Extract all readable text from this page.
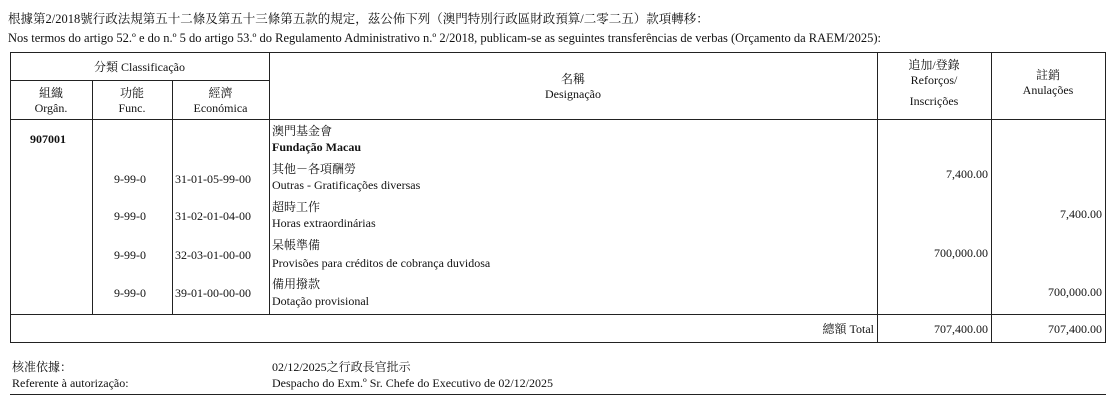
根據第2/2018號行政法規第五十二條及第五十三條第五款的規定，茲公佈下列（澳門特別行政區財政預算/二零二五）款項轉移：
Nos termos do artigo 52.º e do n.º 5 do artigo 53.º do Regulamento Administrativo n.º 2/2018, publicam-se as seguintes transferências de verbas (Orçamento da RAEM/2025):
分類 Classificação
組織
Orgân.
功能
Func.
經濟
Económica
名稱
Designação
追加/登錄
Reforços/
Inscrições
註銷
Anulações
907001
澳門基金會
Fundação Macau
9-99-0 31-01-05-99-00
其他－各項酬勞
Outras - Gratificações diversas
7,400.00
9-99-0 31-02-01-04-00
超時工作
Horas extraordinárias
7,400.00
9-99-0 32-03-01-00-00
呆帳準備
Provisões para créditos de cobrança duvidosa
700,000.00
9-99-0 39-01-00-00-00
備用撥款
Dotação provisional
700,000.00
總額 Total	707,400.00	707,400.00
核准依據：
Referente à autorização:
02/12/2025之行政長官批示
Despacho do Exm.º Sr. Chefe do Executivo de 02/12/2025
